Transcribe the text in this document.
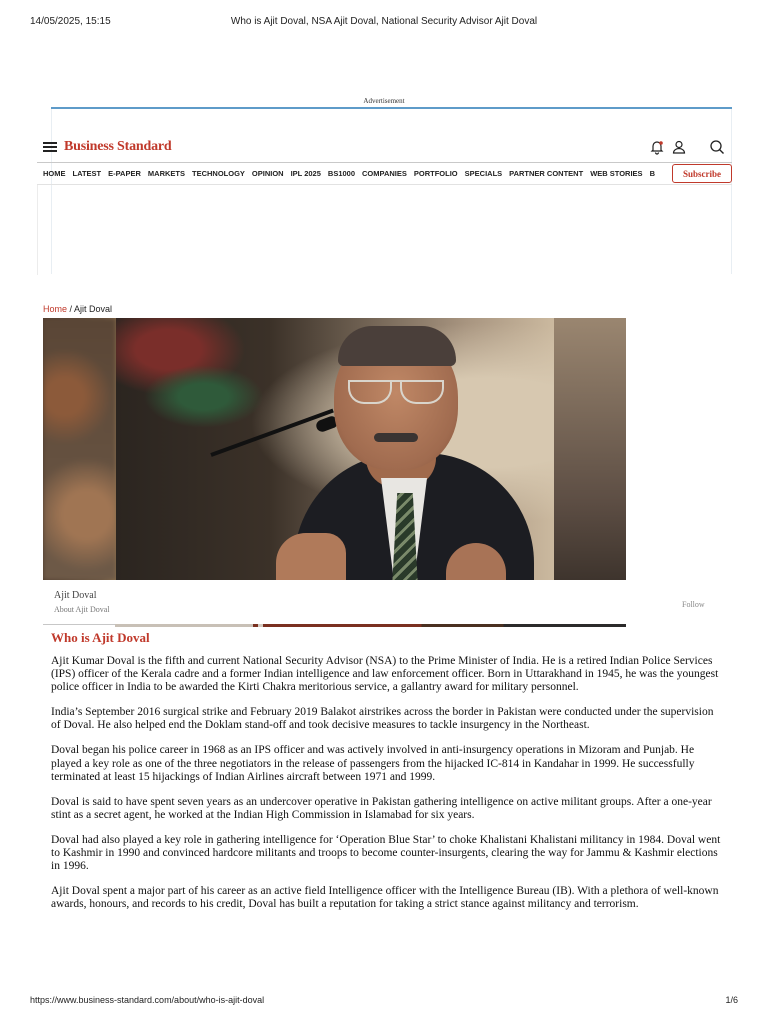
14/05/2025, 15:15	Who is Ajit Doval, NSA Ajit Doval, National Security Advisor Ajit Doval
Advertisement
Business Standard
HOME LATEST E-PAPER MARKETS TECHNOLOGY OPINION IPL 2025 BS1000 COMPANIES PORTFOLIO SPECIALS PARTNER CONTENT WEB STORIES B	Subscribe
Home / Ajit Doval
Ajit Doval
About Ajit Doval
Follow
Who is Ajit Doval

Ajit Kumar Doval is the fifth and current National Security Advisor (NSA) to the Prime Minister of India. He is a retired Indian Police Services (IPS) officer of the Kerala cadre and a former Indian intelligence and law enforcement officer. Born in Uttarakhand in 1945, he was the youngest police officer in India to be awarded the Kirti Chakra meritorious service, a gallantry award for military personnel.

India’s September 2016 surgical strike and February 2019 Balakot airstrikes across the border in Pakistan were conducted under the supervision of Doval. He also helped end the Doklam stand-off and took decisive measures to tackle insurgency in the Northeast.

Doval began his police career in 1968 as an IPS officer and was actively involved in anti-insurgency operations in Mizoram and Punjab. He played a key role as one of the three negotiators in the release of passengers from the hijacked IC-814 in Kandahar in 1999. He successfully terminated at least 15 hijackings of Indian Airlines aircraft between 1971 and 1999.

Doval is said to have spent seven years as an undercover operative in Pakistan gathering intelligence on active militant groups. After a one-year stint as a secret agent, he worked at the Indian High Commission in Islamabad for six years.

Doval had also played a key role in gathering intelligence for ‘Operation Blue Star’ to choke Khalistani Khalistani militancy in 1984. Doval went to Kashmir in 1990 and convinced hardcore militants and troops to become counter-insurgents, clearing the way for Jammu & Kashmir elections in 1996.

Ajit Doval spent a major part of his career as an active field Intelligence officer with the Intelligence Bureau (IB). With a plethora of well-known awards, honours, and records to his credit, Doval has built a reputation for taking a strict stance against militancy and terrorism.

https://www.business-standard.com/about/who-is-ajit-doval	1/6
